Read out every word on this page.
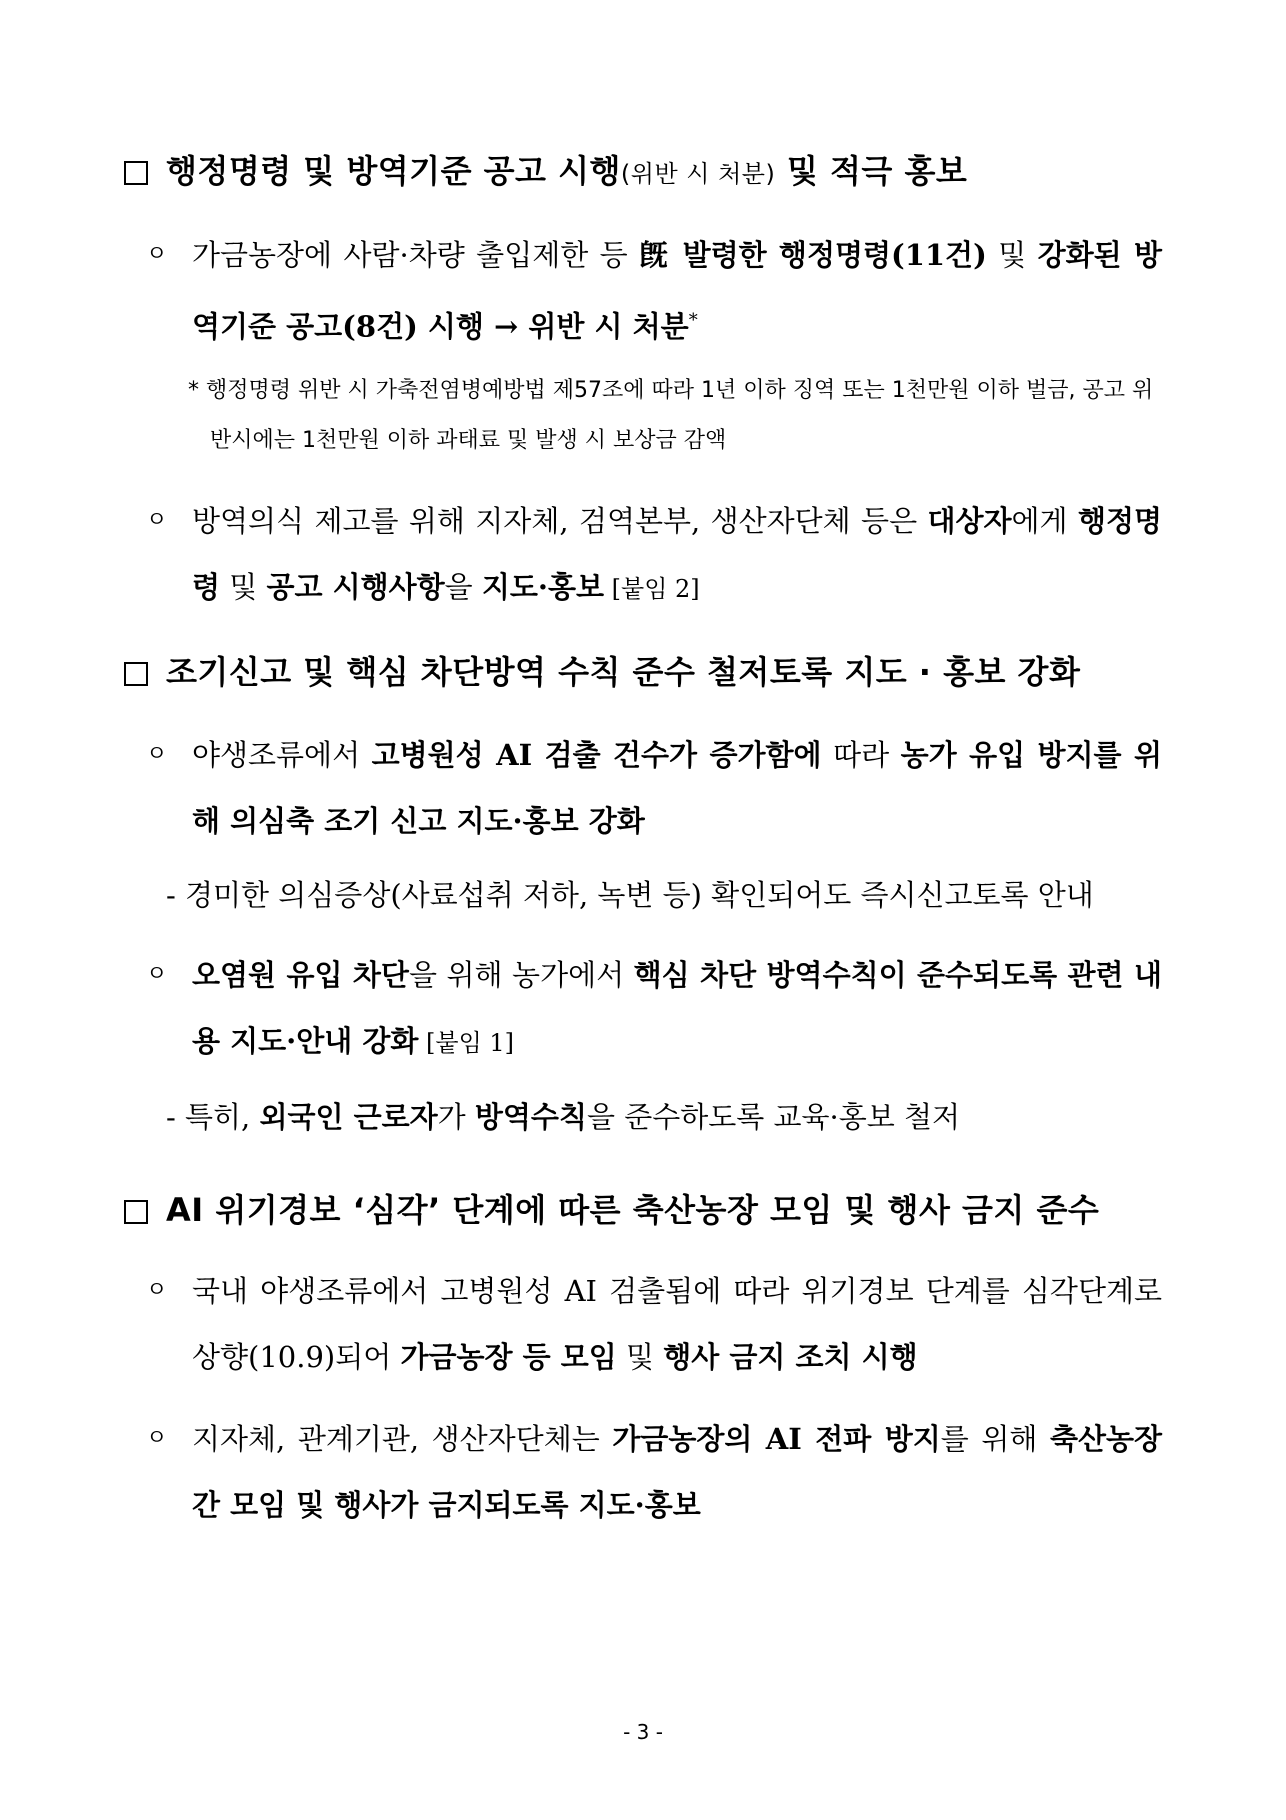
행정명령 및 방역기준 공고 시행(위반 시 처분) 및 적극 홍보
ㅇ 가금농장에 사람·차량 출입제한 등 旣 발령한 행정명령(11건) 및 강화된 방역기준 공고(8건) 시행 → 위반 시 처분*
* 행정명령 위반 시 가축전염병예방법 제57조에 따라 1년 이하 징역 또는 1천만원 이하 벌금, 공고 위반시에는 1천만원 이하 과태료 및 발생 시 보상금 감액
ㅇ 방역의식 제고를 위해 지자체, 검역본부, 생산자단체 등은 대상자에게 행정명령 및 공고 시행사항을 지도·홍보 [붙임 2]
조기신고 및 핵심 차단방역 수칙 준수 철저토록 지도 · 홍보 강화
ㅇ 야생조류에서 고병원성 AI 검출 건수가 증가함에 따라 농가 유입 방지를 위해 의심축 조기 신고 지도·홍보 강화
- 경미한 의심증상(사료섭취 저하, 녹변 등) 확인되어도 즉시신고토록 안내
ㅇ 오염원 유입 차단을 위해 농가에서 핵심 차단 방역수칙이 준수되도록 관련 내용 지도·안내 강화 [붙임 1]
- 특히, 외국인 근로자가 방역수칙을 준수하도록 교육·홍보 철저
AI 위기경보 ‘심각’ 단계에 따른 축산농장 모임 및 행사 금지 준수
ㅇ 국내 야생조류에서 고병원성 AI 검출됨에 따라 위기경보 단계를 심각단계로 상향(10.9)되어 가금농장 등 모임 및 행사 금지 조치 시행
ㅇ 지자체, 관계기관, 생산자단체는 가금농장의 AI 전파 방지를 위해 축산농장 간 모임 및 행사가 금지되도록 지도·홍보
- 3 -
